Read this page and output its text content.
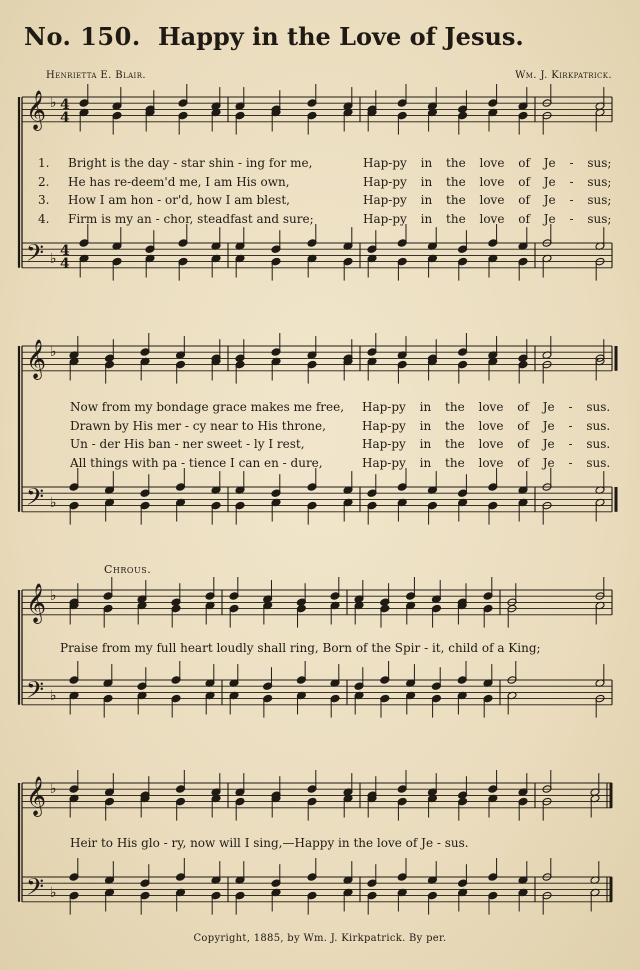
No. 150. Happy in the Love of Jesus.
Henrietta E. Blair.	Wm. J. Kirkpatrick.
𝄞
𝄢
♭
♭
4
4
4
4
𝄞
𝄢
♭
♭
𝄞
𝄢
♭
♭
𝄞
𝄢
♭
♭
1.	Bright is the day - star shin - ing for me,	Hap-py in the love of Je - sus;
2.	He has re-deem'd me, I am His own,	Hap-py in the love of Je - sus;
3.	How I am hon - or'd, how I am blest,	Hap-py in the love of Je - sus;
4.	Firm is my an - chor, steadfast and sure;	Hap-py in the love of Je - sus;
Now from my bondage grace makes me free, Hap-py in the love of Je - sus.
Drawn by His mer - cy near to His throne,	Hap-py in the love of Je - sus.
Un - der His ban - ner sweet - ly I rest,	Hap-py in the love of Je - sus.
All things with pa - tience I can en - dure,	Hap-py in the love of Je - sus.
Chrous.
Praise from my full heart loudly shall ring, Born of the Spir - it, child of a King;
Heir to His glo - ry, now will I sing,—Happy in the love of Je - sus.
Copyright, 1885, by Wm. J. Kirkpatrick. By per.
